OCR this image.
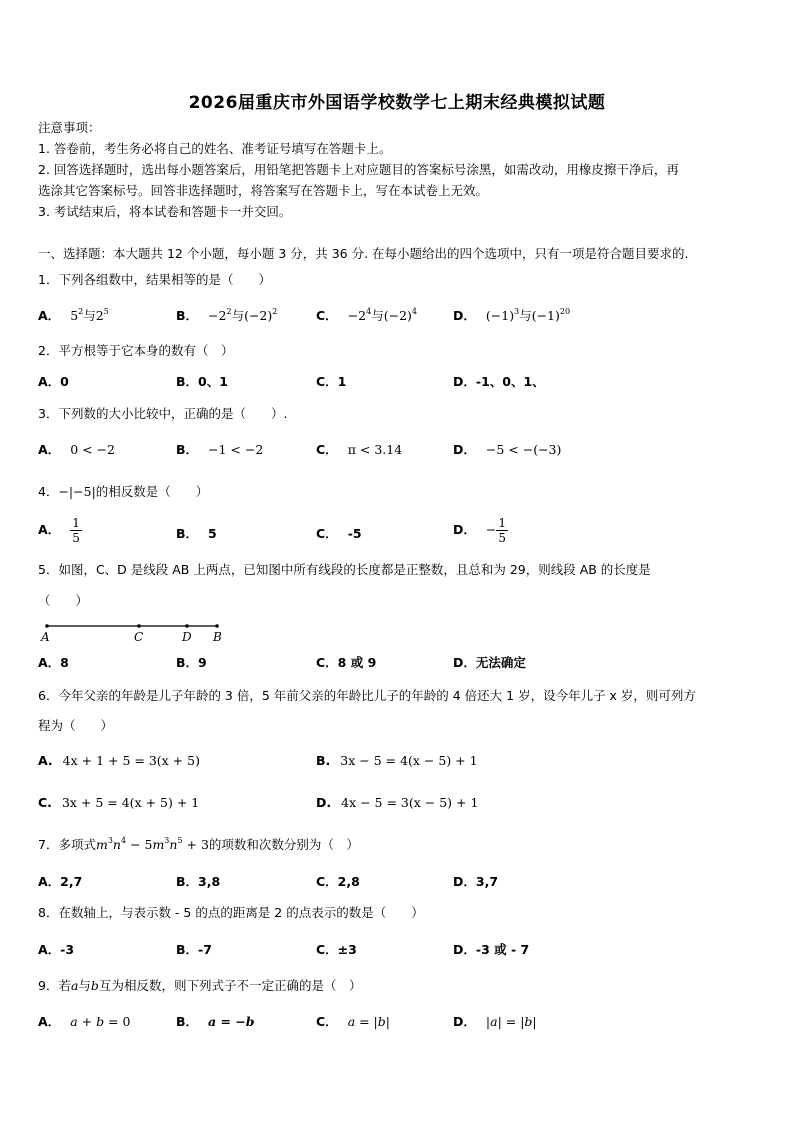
2026届重庆市外国语学校数学七上期末经典模拟试题
注意事项：
1. 答卷前，考生务必将自己的姓名、准考证号填写在答题卡上。
2. 回答选择题时，选出每小题答案后，用铅笔把答题卡上对应题目的答案标号涂黑，如需改动，用橡皮擦干净后，再
选涂其它答案标号。回答非选择题时，将答案写在答题卡上，写在本试卷上无效。
3. 考试结束后，将本试卷和答题卡一并交回。
一、选择题：本大题共 12 个小题，每小题 3 分，共 36 分. 在每小题给出的四个选项中，只有一项是符合题目要求的.
1．下列各组数中，结果相等的是（　　）
A． $5^2$与$2^5$	B． $-2^2$与$(-2)^2$	C． $-2^4$与$(-2)^4$	D． $(-1)^3$与$(-1)^{20}$
2．平方根等于它本身的数有（　）
A．0	B．0、1	C．1	D．-1、0、1、
3．下列数的大小比较中，正确的是（　　）.
A． 0 < −2	B． −1 < −2	C． π < 3.14	D． −5 < −(−3)
4．−|−5|的相反数是（　　）
A． $\frac{1}{5}$	B． 5	C． -5	D． − $\frac{1}{5}$
5．如图，C、D 是线段 AB 上两点，已知图中所有线段的长度都是正整数，且总和为 29，则线段 AB 的长度是
（　　）
A	C	D B
A．8	B．9	C．8 或 9	D．无法确定
6．今年父亲的年龄是儿子年龄的 3 倍，5 年前父亲的年龄比儿子的年龄的 4 倍还大 1 岁，设今年儿子 x 岁，则可列方
程为（　　）
A. 4x + 1 + 5 = 3(x + 5)	B. 3x − 5 = 4(x − 5) + 1
C. 3x + 5 = 4(x + 5) + 1	D. 4x − 5 = 3(x − 5) + 1
7．多项式$m^3n^4 - 5m^3n^5 + 3$的项数和次数分别为（　）
A．2,7	B．3,8	C．2,8	D．3,7
8．在数轴上，与表示数 - 5 的点的距离是 2 的点表示的数是（　　）
A．-3	B．-7	C．±3	D．-3 或 - 7
9．若a与b互为相反数，则下列式子不一定正确的是（　）
A． a + b = 0	B． a = −b	C． a = |b|	D． |a| = |b|
